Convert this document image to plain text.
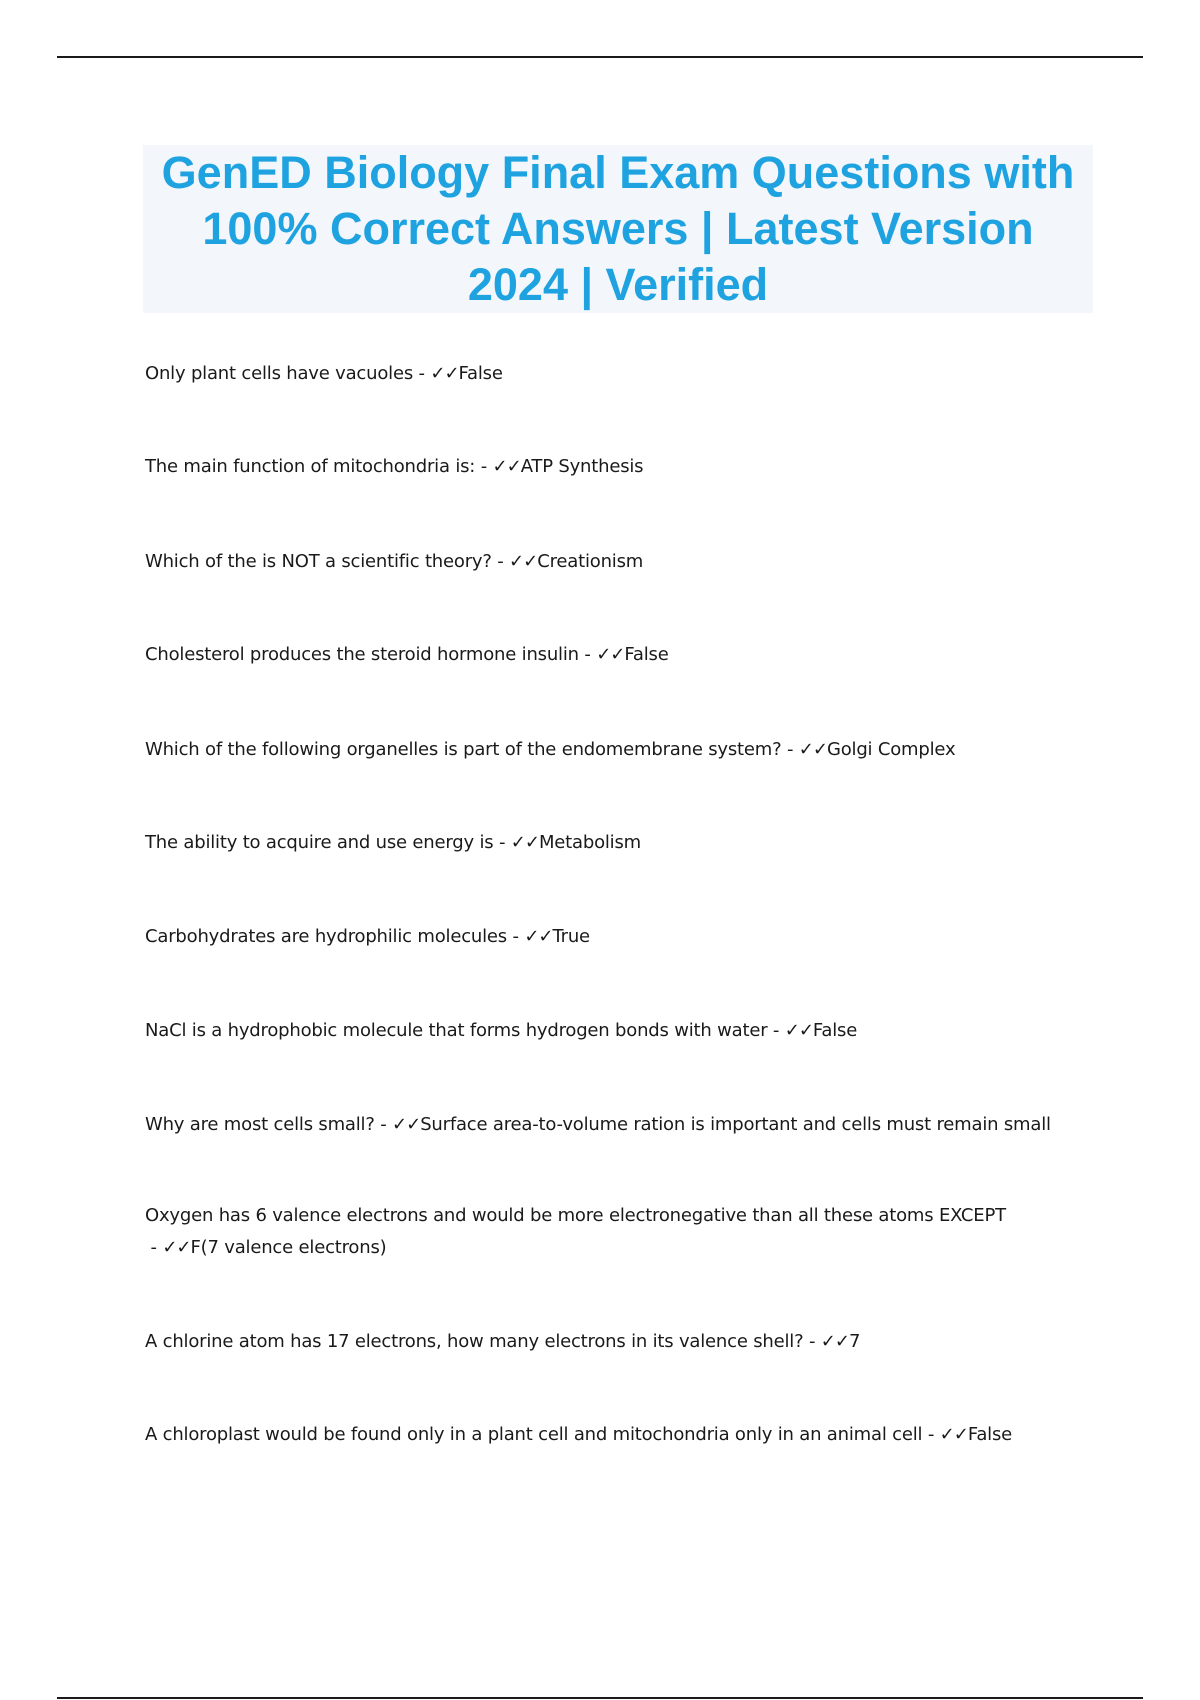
GenED Biology Final Exam Questions with 100% Correct Answers | Latest Version 2024 | Verified
Only plant cells have vacuoles - ✓✓False
The main function of mitochondria is: - ✓✓ATP Synthesis
Which of the is NOT a scientific theory? - ✓✓Creationism
Cholesterol produces the steroid hormone insulin - ✓✓False
Which of the following organelles is part of the endomembrane system? - ✓✓Golgi Complex
The ability to acquire and use energy is - ✓✓Metabolism
Carbohydrates are hydrophilic molecules - ✓✓True
NaCl is a hydrophobic molecule that forms hydrogen bonds with water - ✓✓False
Why are most cells small? - ✓✓Surface area-to-volume ration is important and cells must remain small
Oxygen has 6 valence electrons and would be more electronegative than all these atoms EXCEPT - ✓✓F(7 valence electrons)
A chlorine atom has 17 electrons, how many electrons in its valence shell? - ✓✓7
A chloroplast would be found only in a plant cell and mitochondria only in an animal cell - ✓✓False
